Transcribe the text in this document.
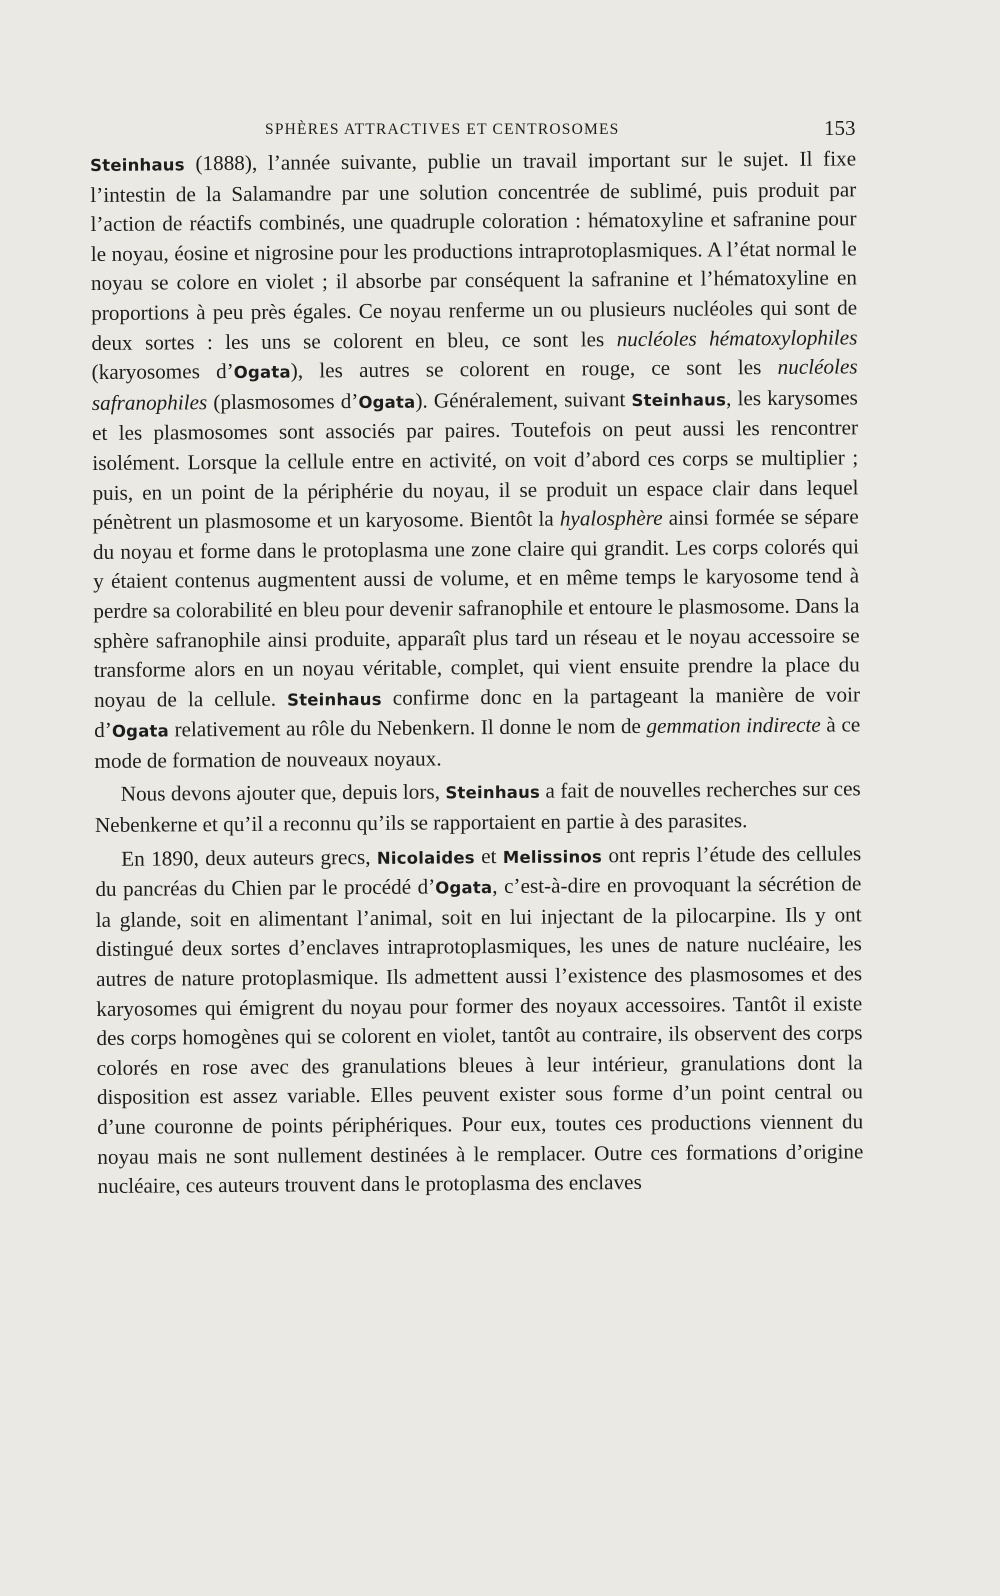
SPHÈRES ATTRACTIVES ET CENTROSOMES	153

Steinhaus (1888), l’année suivante, publie un travail important sur le sujet. Il fixe l’intestin de la Salamandre par une solution concentrée de sublimé, puis produit par l’action de réactifs combinés, une quadruple coloration : hématoxyline et safranine pour le noyau, éosine et nigrosine pour les productions intraprotoplasmiques. A l’état normal le noyau se colore en violet ; il absorbe par conséquent la safranine et l’hématoxyline en proportions à peu près égales. Ce noyau renferme un ou plusieurs nucléoles qui sont de deux sortes : les uns se colorent en bleu, ce sont les nucléoles hématoxylophiles (karyosomes d’Ogata), les autres se colorent en rouge, ce sont les nucléoles safranophiles (plasmosomes d’Ogata). Généralement, suivant Steinhaus, les karysomes et les plasmosomes sont associés par paires. Toutefois on peut aussi les rencontrer isolément. Lorsque la cellule entre en activité, on voit d’abord ces corps se multiplier ; puis, en un point de la périphérie du noyau, il se produit un espace clair dans lequel pénètrent un plasmosome et un karyosome. Bientôt la hyalosphère ainsi formée se sépare du noyau et forme dans le protoplasma une zone claire qui grandit. Les corps colorés qui y étaient contenus augmentent aussi de volume, et en même temps le karyosome tend à perdre sa colorabilité en bleu pour devenir safranophile et entoure le plasmosome. Dans la sphère safranophile ainsi produite, apparaît plus tard un réseau et le noyau accessoire se transforme alors en un noyau véritable, complet, qui vient ensuite prendre la place du noyau de la cellule. Steinhaus confirme donc en la partageant la manière de voir d’Ogata relativement au rôle du Nebenkern. Il donne le nom de gemmation indirecte à ce mode de formation de nouveaux noyaux.

Nous devons ajouter que, depuis lors, Steinhaus a fait de nouvelles recherches sur ces Nebenkerne et qu’il a reconnu qu’ils se rapportaient en partie à des parasites.

En 1890, deux auteurs grecs, Nicolaides et Melissinos ont repris l’étude des cellules du pancréas du Chien par le procédé d’Ogata, c’est-à-dire en provoquant la sécrétion de la glande, soit en alimentant l’animal, soit en lui injectant de la pilocarpine. Ils y ont distingué deux sortes d’enclaves intraprotoplasmiques, les unes de nature nucléaire, les autres de nature protoplasmique. Ils admettent aussi l’existence des plasmosomes et des karyosomes qui émigrent du noyau pour former des noyaux accessoires. Tantôt il existe des corps homogènes qui se colorent en violet, tantôt au contraire, ils observent des corps colorés en rose avec des granulations bleues à leur intérieur, granulations dont la disposition est assez variable. Elles peuvent exister sous forme d’un point central ou d’une couronne de points périphériques. Pour eux, toutes ces productions viennent du noyau mais ne sont nullement destinées à le remplacer. Outre ces formations d’origine nucléaire, ces auteurs trouvent dans le protoplasma des enclaves
